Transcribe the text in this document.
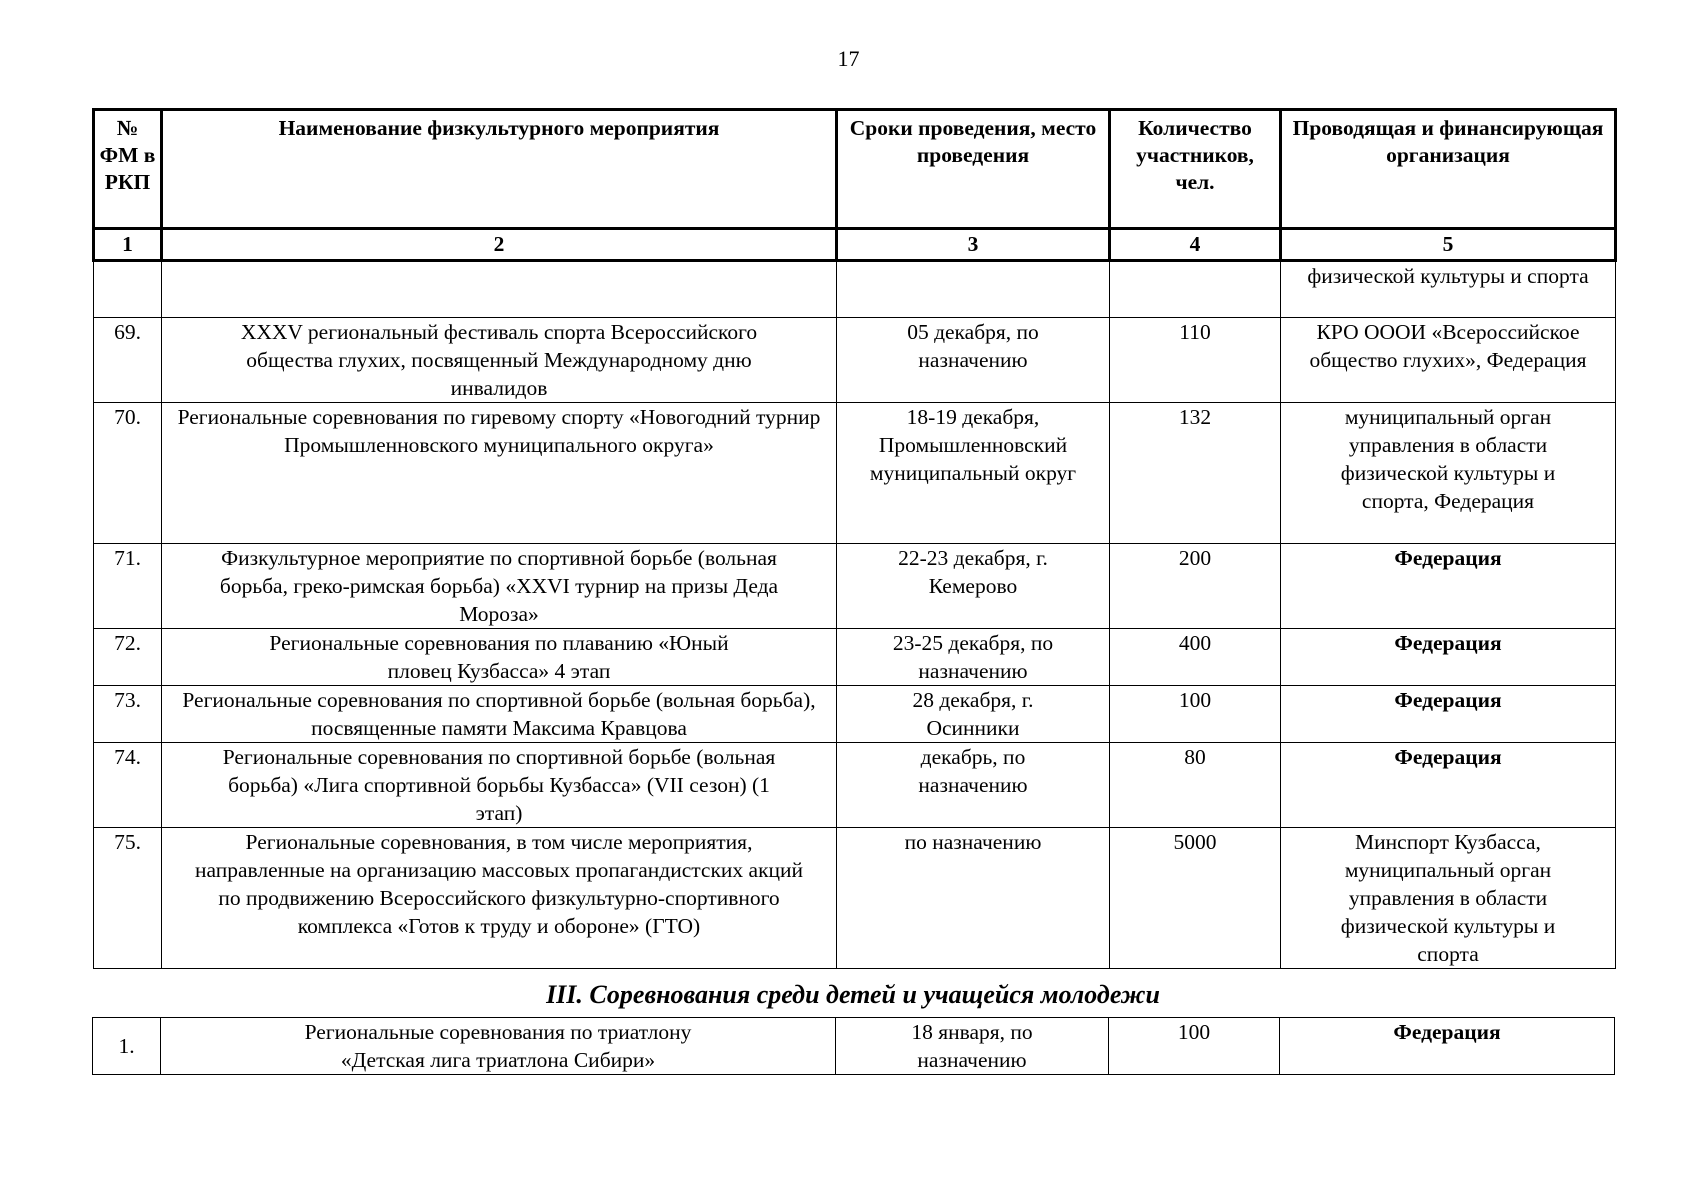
17
№ ФМ в РКП	Наименование физкультурного мероприятия	Сроки проведения, место проведения	Количество участников, чел.	Проводящая и финансирующая организация
1	2	3	4	5
				физической культуры и спорта
69.	XXXV региональный фестиваль спорта Всероссийского общества глухих, посвященный Международному дню инвалидов	05 декабря, по назначению	110	КРО ОООИ «Всероссийское общество глухих», Федерация
70.	Региональные соревнования по гиревому спорту «Новогодний турнир Промышленновского муниципального округа»	18-19 декабря, Промышленновский муниципальный округ	132	муниципальный орган управления в области физической культуры и спорта, Федерация
71.	Физкультурное мероприятие по спортивной борьбе (вольная борьба, греко-римская борьба) «XXVI турнир на призы Деда Мороза»	22-23 декабря, г. Кемерово	200	Федерация
72.	Региональные соревнования по плаванию «Юный пловец Кузбасса» 4 этап	23-25 декабря, по назначению	400	Федерация
73.	Региональные соревнования по спортивной борьбе (вольная борьба), посвященные памяти Максима Кравцова	28 декабря, г. Осинники	100	Федерация
74.	Региональные соревнования по спортивной борьбе (вольная борьба) «Лига спортивной борьбы Кузбасса» (VII сезон) (1 этап)	декабрь, по назначению	80	Федерация
75.	Региональные соревнования, в том числе мероприятия, направленные на организацию массовых пропагандистских акций по продвижению Всероссийского физкультурно-спортивного комплекса «Готов к труду и обороне» (ГТО)	по назначению	5000	Минспорт Кузбасса, муниципальный орган управления в области физической культуры и спорта
III. Соревнования среди детей и учащейся молодежи
1.	Региональные соревнования по триатлону «Детская лига триатлона Сибири»	18 января, по назначению	100	Федерация
